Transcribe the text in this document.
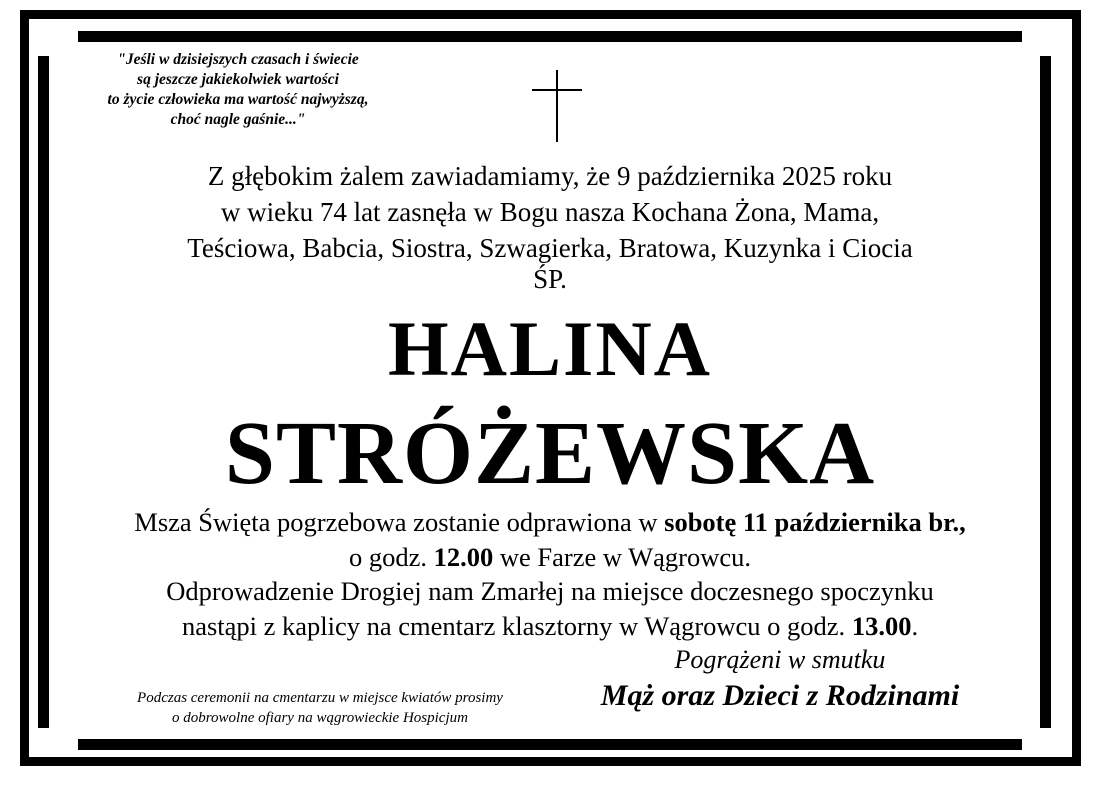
"Jeśli w dzisiejszych czasach i świecie
są jeszcze jakiekolwiek wartości
to życie człowieka ma wartość najwyższą,
choć nagle gaśnie..."
Z głębokim żalem zawiadamiamy, że 9 października 2025 roku
w wieku 74 lat zasnęła w Bogu nasza Kochana Żona, Mama,
Teściowa, Babcia, Siostra, Szwagierka, Bratowa, Kuzynka i Ciocia
ŚP.
HALINA
STRÓŻEWSKA
Msza Święta pogrzebowa zostanie odprawiona w sobotę 11 października br.,
o godz. 12.00 we Farze w Wągrowcu.
Odprowadzenie Drogiej nam Zmarłej na miejsce doczesnego spoczynku
nastąpi z kaplicy na cmentarz klasztorny w Wągrowcu o godz. 13.00.
Pogrążeni w smutku
Mąż oraz Dzieci z Rodzinami
Podczas ceremonii na cmentarzu w miejsce kwiatów prosimy
o dobrowolne ofiary na wągrowieckie Hospicjum
